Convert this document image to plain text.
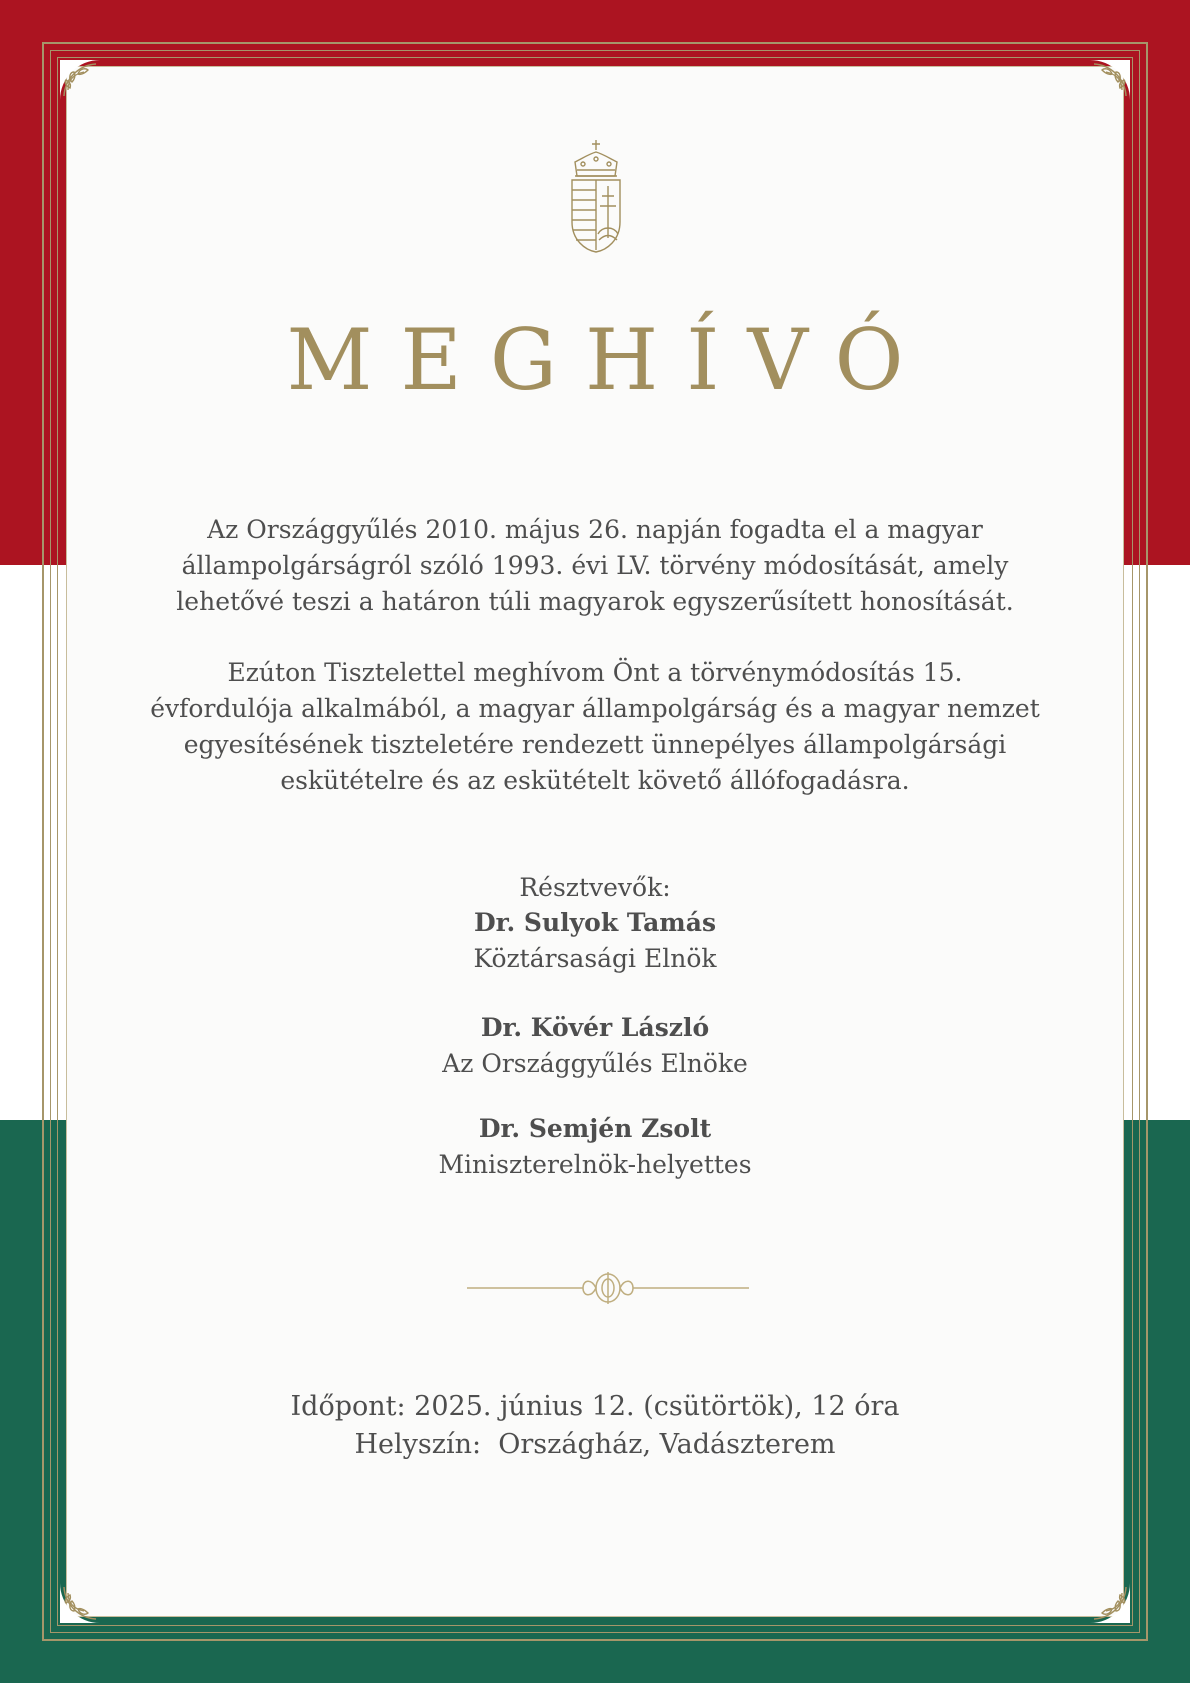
MEGHÍVÓ
Az Országgyűlés 2010. május 26. napján fogadta el a magyar
állampolgárságról szóló 1993. évi LV. törvény módosítását, amely
lehetővé teszi a határon túli magyarok egyszerűsített honosítását.
Ezúton Tisztelettel meghívom Önt a törvénymódosítás 15.
évfordulója alkalmából, a magyar állampolgárság és a magyar nemzet
egyesítésének tiszteletére rendezett ünnepélyes állampolgársági
eskütételre és az eskütételt követő állófogadásra.
Résztvevők:
Dr. Sulyok Tamás
Köztársasági Elnök
Dr. Kövér László
Az Országgyűlés Elnöke
Dr. Semjén Zsolt
Miniszterelnök-helyettes
Időpont: 2025. június 12. (csütörtök), 12 óra
Helyszín:  Országház, Vadászterem
